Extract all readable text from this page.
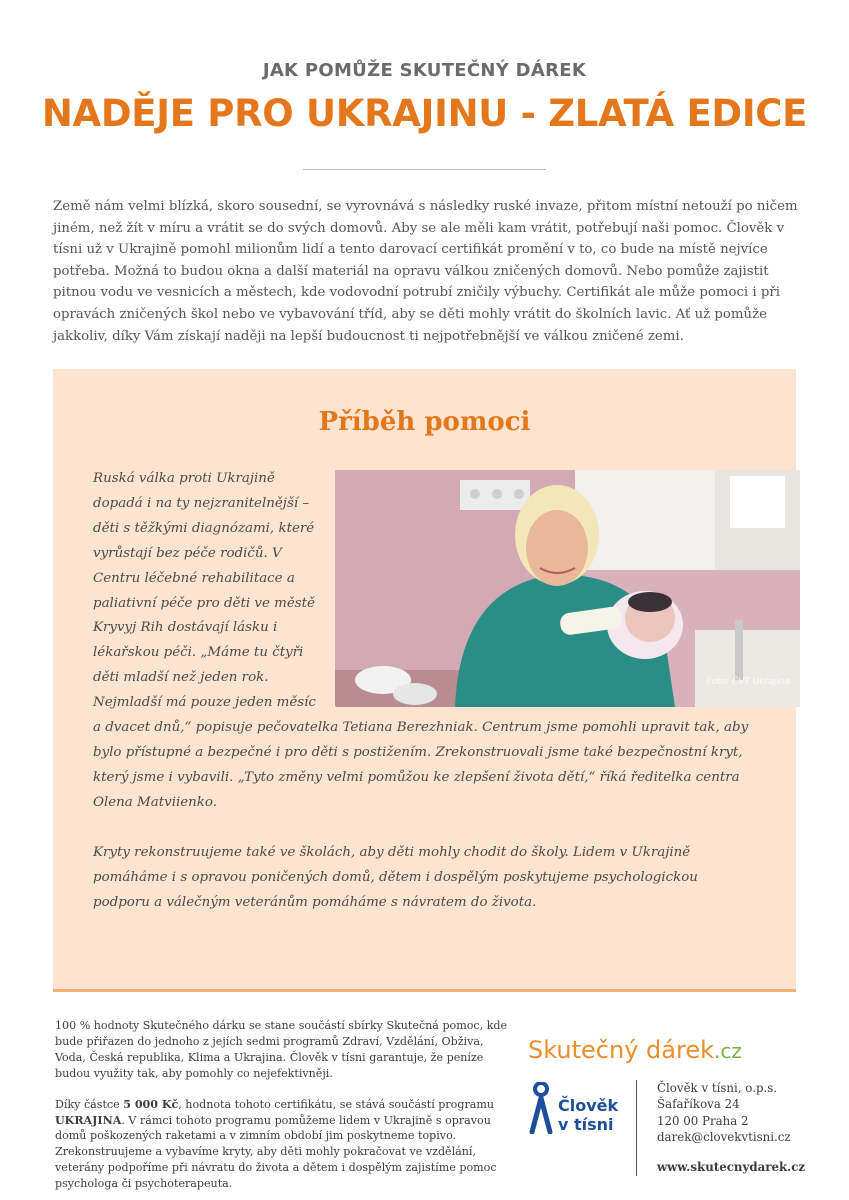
JAK POMŮŽE SKUTEČNÝ DÁREK
NADĚJE PRO UKRAJINU - ZLATÁ EDICE
Země nám velmi blízká, skoro sousední, se vyrovnává s následky ruské invaze, přitom místní netouží po ničem jiném, než žít v míru a vrátit se do svých domovů. Aby se ale měli kam vrátit, potřebují naši pomoc. Člověk v tísni už v Ukrajině pomohl milionům lidí a tento darovací certifikát promění v to, co bude na místě nejvíce potřeba. Možná to budou okna a další materiál na opravu válkou zničených domovů. Nebo pomůže zajistit pitnou vodu ve vesnicích a městech, kde vodovodní potrubí zničily výbuchy. Certifikát ale může pomoci i při opravách zničených škol nebo ve vybavování tříd, aby se děti mohly vrátit do školních lavic. Ať už pomůže jakkoliv, díky Vám získají naději na lepší budoucnost ti nejpotřebnější ve válkou zničené zemi.
Příběh pomoci
Foto: ČVT Ukrajina
Ruská válka proti Ukrajině dopadá i na ty nejzranitelnější – děti s těžkými diagnózami, které vyrůstají bez péče rodičů. V Centru léčebné rehabilitace a paliativní péče pro děti ve městě Kryvyj Rih dostávají lásku i lékařskou péči. „Máme tu čtyři děti mladší než jeden rok. Nejmladší má pouze jeden měsíc a dvacet dnů,“ popisuje pečovatelka Tetiana Berezhniak. Centrum jsme pomohli upravit tak, aby bylo přístupné a bezpečné i pro děti s postižením. Zrekonstruovali jsme také bezpečnostní kryt, který jsme i vybavili. „Tyto změny velmi pomůžou ke zlepšení života dětí,“ říká ředitelka centra Olena Matviienko.
Kryty rekonstruujeme také ve školách, aby děti mohly chodit do školy. Lidem v Ukrajině pomáháme i s opravou poničených domů, dětem i dospělým poskytujeme psychologickou podporu a válečným veteránům pomáháme s návratem do života.

100 % hodnoty Skutečného dárku se stane součástí sbírky Skutečná pomoc, kde bude přiřazen do jednoho z jejích sedmi programů Zdraví, Vzdělání, Obživa, Voda, Česká republika, Klima a Ukrajina. Člověk v tísni garantuje, že peníze budou využity tak, aby pomohly co nejefektivněji.

Díky částce 5 000 Kč, hodnota tohoto certifikátu, se stává součástí programu UKRAJINA. V rámci tohoto programu pomůžeme lidem v Ukrajině s opravou domů poškozených raketami a v zimním období jim poskytneme topivo. Zrekonstruujeme a vybavíme kryty, aby děti mohly pokračovat ve vzdělání, veterány podpoříme při návratu do života a dětem i dospělým zajistíme pomoc psychologa či psychoterapeuta.

Skutečný dárek.cz
Člověk
v tísni
Člověk v tísni, o.p.s.
Šafaříkova 24
120 00 Praha 2
darek@clovekvtisni.cz
www.skutecnydarek.cz
